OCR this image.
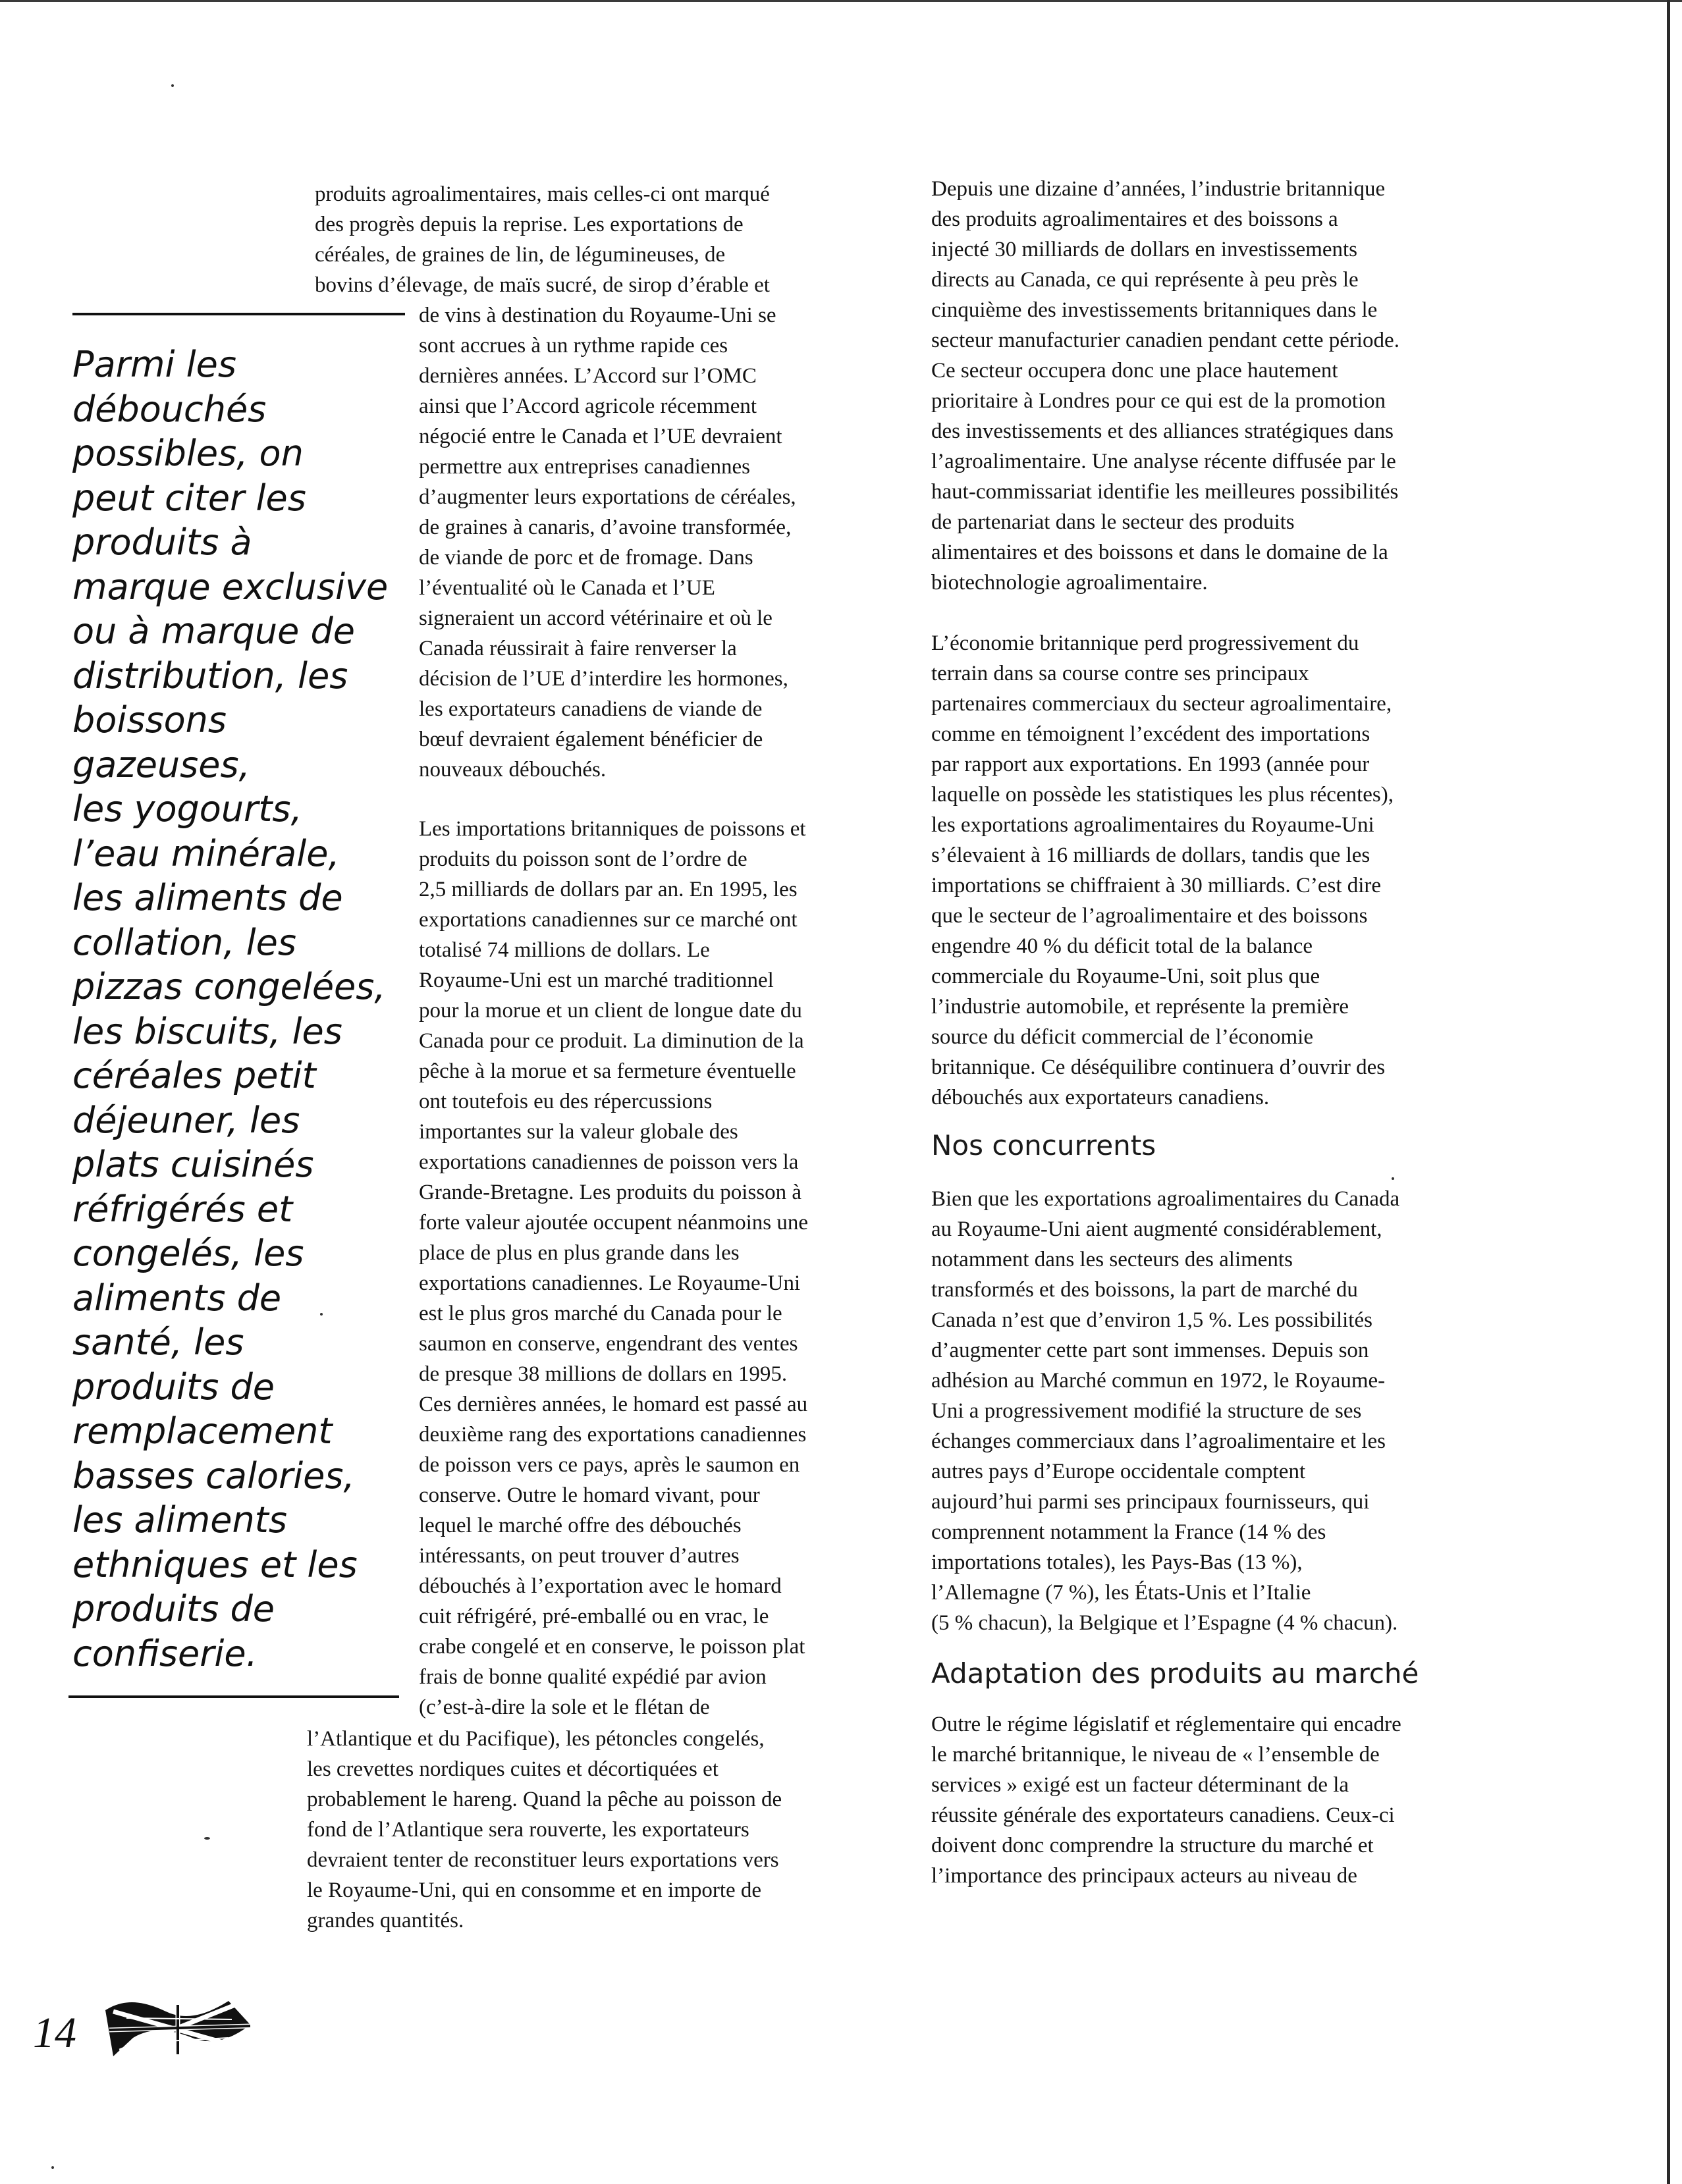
produits agroalimentaires, mais celles-ci ont marqué

des progrès depuis la reprise. Les exportations de

céréales, de graines de lin, de légumineuses, de

bovins d’élevage, de maïs sucré, de sirop d’érable et

de vins à destination du Royaume-Uni se

sont accrues à un rythme rapide ces

dernières années. L’Accord sur l’OMC

ainsi que l’Accord agricole récemment

négocié entre le Canada et l’UE devraient

permettre aux entreprises canadiennes

d’augmenter leurs exportations de céréales,

de graines à canaris, d’avoine transformée,

de viande de porc et de fromage. Dans

l’éventualité où le Canada et l’UE

signeraient un accord vétérinaire et où le

Canada réussirait à faire renverser la

décision de l’UE d’interdire les hormones,

les exportateurs canadiens de viande de

bœuf devraient également bénéficier de

nouveaux débouchés.

Les importations britanniques de poissons et

produits du poisson sont de l’ordre de

2,5 milliards de dollars par an. En 1995, les

exportations canadiennes sur ce marché ont

totalisé 74 millions de dollars. Le

Royaume-Uni est un marché traditionnel

pour la morue et un client de longue date du

Canada pour ce produit. La diminution de la

pêche à la morue et sa fermeture éventuelle

ont toutefois eu des répercussions

importantes sur la valeur globale des

exportations canadiennes de poisson vers la

Grande-Bretagne. Les produits du poisson à

forte valeur ajoutée occupent néanmoins une

place de plus en plus grande dans les

exportations canadiennes. Le Royaume-Uni

est le plus gros marché du Canada pour le

saumon en conserve, engendrant des ventes

de presque 38 millions de dollars en 1995.

Ces dernières années, le homard est passé au

deuxième rang des exportations canadiennes

de poisson vers ce pays, après le saumon en

conserve. Outre le homard vivant, pour

lequel le marché offre des débouchés

intéressants, on peut trouver d’autres

débouchés à l’exportation avec le homard

cuit réfrigéré, pré-emballé ou en vrac, le

crabe congelé et en conserve, le poisson plat

frais de bonne qualité expédié par avion

(c’est-à-dire la sole et le flétan de

l’Atlantique et du Pacifique), les pétoncles congelés,

les crevettes nordiques cuites et décortiquées et

probablement le hareng. Quand la pêche au poisson de

fond de l’Atlantique sera rouverte, les exportateurs

devraient tenter de reconstituer leurs exportations vers

le Royaume-Uni, qui en consomme et en importe de

grandes quantités.

Parmi les

débouchés

possibles, on

peut citer les

produits à

marque exclusive

ou à marque de

distribution, les

boissons

gazeuses,

les yogourts,

l’eau minérale,

les aliments de

collation, les

pizzas congelées,

les biscuits, les

céréales petit

déjeuner, les

plats cuisinés

réfrigérés et

congelés, les

aliments de

santé, les

produits de

remplacement

basses calories,

les aliments

ethniques et les

produits de

confiserie.

Depuis une dizaine d’années, l’industrie britannique

des produits agroalimentaires et des boissons a

injecté 30 milliards de dollars en investissements

directs au Canada, ce qui représente à peu près le

cinquième des investissements britanniques dans le

secteur manufacturier canadien pendant cette période.

Ce secteur occupera donc une place hautement

prioritaire à Londres pour ce qui est de la promotion

des investissements et des alliances stratégiques dans

l’agroalimentaire. Une analyse récente diffusée par le

haut-commissariat identifie les meilleures possibilités

de partenariat dans le secteur des produits

alimentaires et des boissons et dans le domaine de la

biotechnologie agroalimentaire.

L’économie britannique perd progressivement du

terrain dans sa course contre ses principaux

partenaires commerciaux du secteur agroalimentaire,

comme en témoignent l’excédent des importations

par rapport aux exportations. En 1993 (année pour

laquelle on possède les statistiques les plus récentes),

les exportations agroalimentaires du Royaume-Uni

s’élevaient à 16 milliards de dollars, tandis que les

importations se chiffraient à 30 milliards. C’est dire

que le secteur de l’agroalimentaire et des boissons

engendre 40 % du déficit total de la balance

commerciale du Royaume-Uni, soit plus que

l’industrie automobile, et représente la première

source du déficit commercial de l’économie

britannique. Ce déséquilibre continuera d’ouvrir des

débouchés aux exportateurs canadiens.

Nos concurrents

Bien que les exportations agroalimentaires du Canada

au Royaume-Uni aient augmenté considérablement,

notamment dans les secteurs des aliments

transformés et des boissons, la part de marché du

Canada n’est que d’environ 1,5 %. Les possibilités

d’augmenter cette part sont immenses. Depuis son

adhésion au Marché commun en 1972, le Royaume-

Uni a progressivement modifié la structure de ses

échanges commerciaux dans l’agroalimentaire et les

autres pays d’Europe occidentale comptent

aujourd’hui parmi ses principaux fournisseurs, qui

comprennent notamment la France (14 % des

importations totales), les Pays-Bas (13 %),

l’Allemagne (7 %), les États-Unis et l’Italie

(5 % chacun), la Belgique et l’Espagne (4 % chacun).

Adaptation des produits au marché

Outre le régime législatif et réglementaire qui encadre

le marché britannique, le niveau de « l’ensemble de

services » exigé est un facteur déterminant de la

réussite générale des exportateurs canadiens. Ceux-ci

doivent donc comprendre la structure du marché et

l’importance des principaux acteurs au niveau de

14
